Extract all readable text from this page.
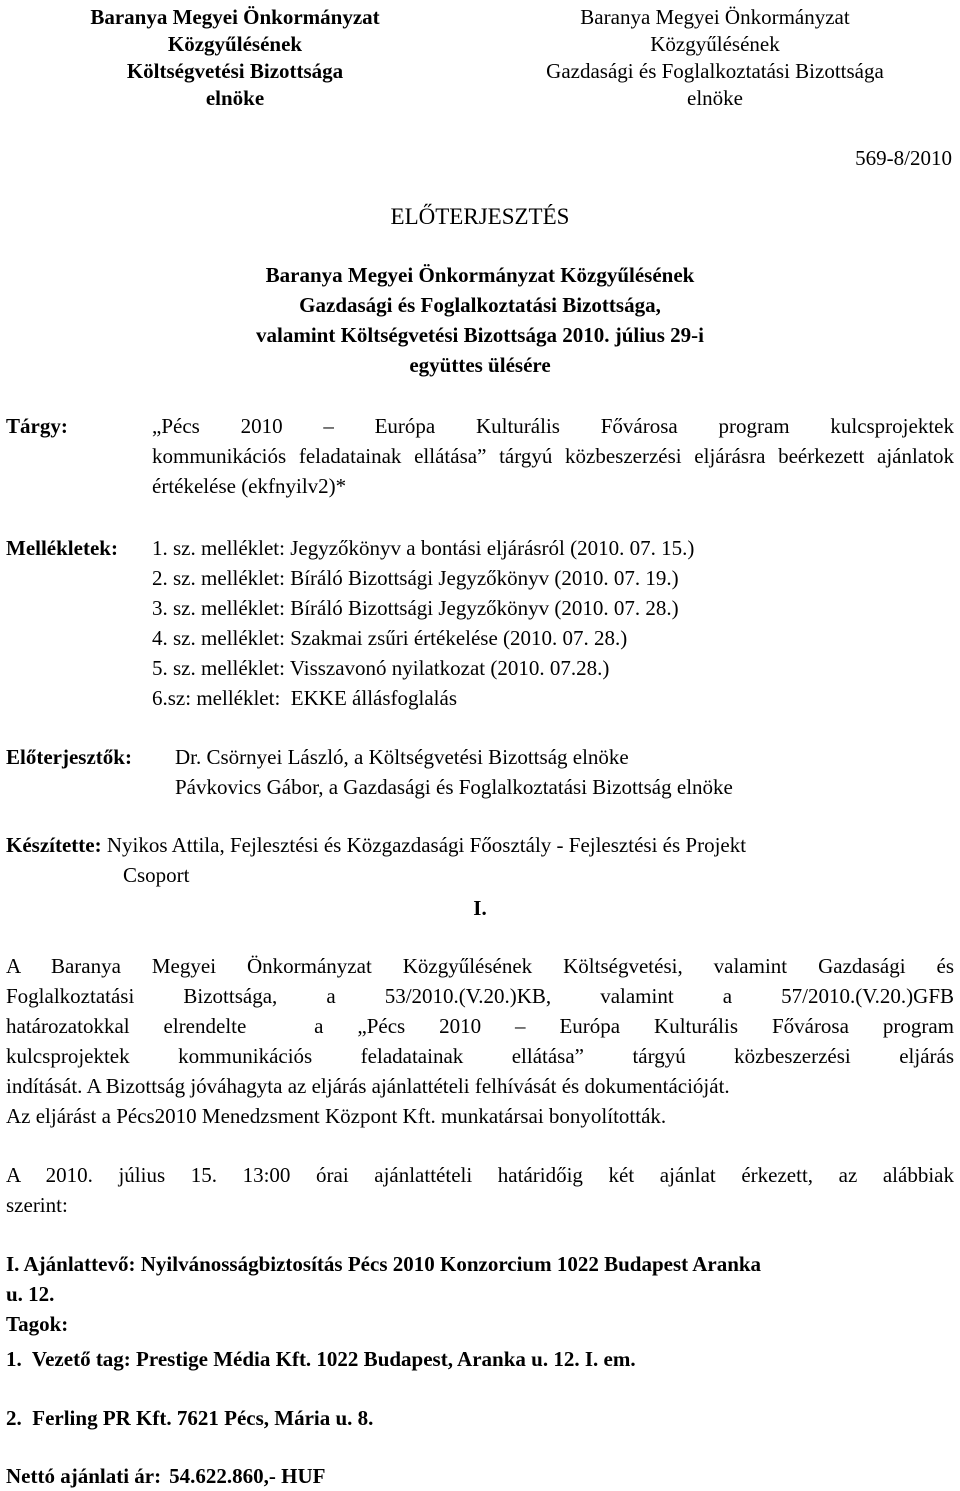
Baranya Megyei Önkormányzat
Közgyűlésének
Költségvetési Bizottsága
elnöke
Baranya Megyei Önkormányzat
Közgyűlésének
Gazdasági és Foglalkoztatási Bizottsága
elnöke
569-8/2010
ELŐTERJESZTÉS
Baranya Megyei Önkormányzat Közgyűlésének
Gazdasági és Foglalkoztatási Bizottsága,
valamint Költségvetési Bizottsága 2010. július 29-i
együttes ülésére
Tárgy:	„Pécs 2010 – Európa Kulturális Fővárosa program kulcsprojektek
kommunikációs feladatainak ellátása” tárgyú közbeszerzési eljárásra beérkezett ajánlatok értékelése (ekfnyilv2)*
Mellékletek: 1. sz. melléklet: Jegyzőkönyv a bontási eljárásról (2010. 07. 15.)
2. sz. melléklet: Bíráló Bizottsági Jegyzőkönyv (2010. 07. 19.)
3. sz. melléklet: Bíráló Bizottsági Jegyzőkönyv (2010. 07. 28.)
4. sz. melléklet: Szakmai zsűri értékelése (2010. 07. 28.)
5. sz. melléklet: Visszavonó nyilatkozat (2010. 07.28.)
6.sz: melléklet:  EKKE állásfoglalás
Előterjesztők: Dr. Csörnyei László, a Költségvetési Bizottság elnöke
Pávkovics Gábor, a Gazdasági és Foglalkoztatási Bizottság elnöke
Készítette: Nyikos Attila, Fejlesztési és Közgazdasági Főosztály - Fejlesztési és Projekt
Csoport
I.
A Baranya Megyei Önkormányzat Közgyűlésének Költségvetési, valamint Gazdasági és
Foglalkoztatási Bizottsága, a 53/2010.(V.20.)KB, valamint a 57/2010.(V.20.)GFB
határozatokkal elrendelte  a „Pécs 2010 – Európa Kulturális Fővárosa program
kulcsprojektek kommunikációs feladatainak ellátása” tárgyú közbeszerzési eljárás
indítását. A Bizottság jóváhagyta az eljárás ajánlattételi felhívását és dokumentációját.
Az eljárást a Pécs2010 Menedzsment Központ Kft. munkatársai bonyolították.
A 2010. július 15. 13:00 órai ajánlattételi határidőig két ajánlat érkezett, az alábbiak
szerint:
I. Ajánlattevő: Nyilvánosságbiztosítás Pécs 2010 Konzorcium 1022 Budapest Aranka
u. 12.
Tagok:
1.  Vezető tag: Prestige Média Kft. 1022 Budapest, Aranka u. 12. I. em.
2.  Ferling PR Kft. 7621 Pécs, Mária u. 8.
Nettó ajánlati ár: 54.622.860,- HUF
